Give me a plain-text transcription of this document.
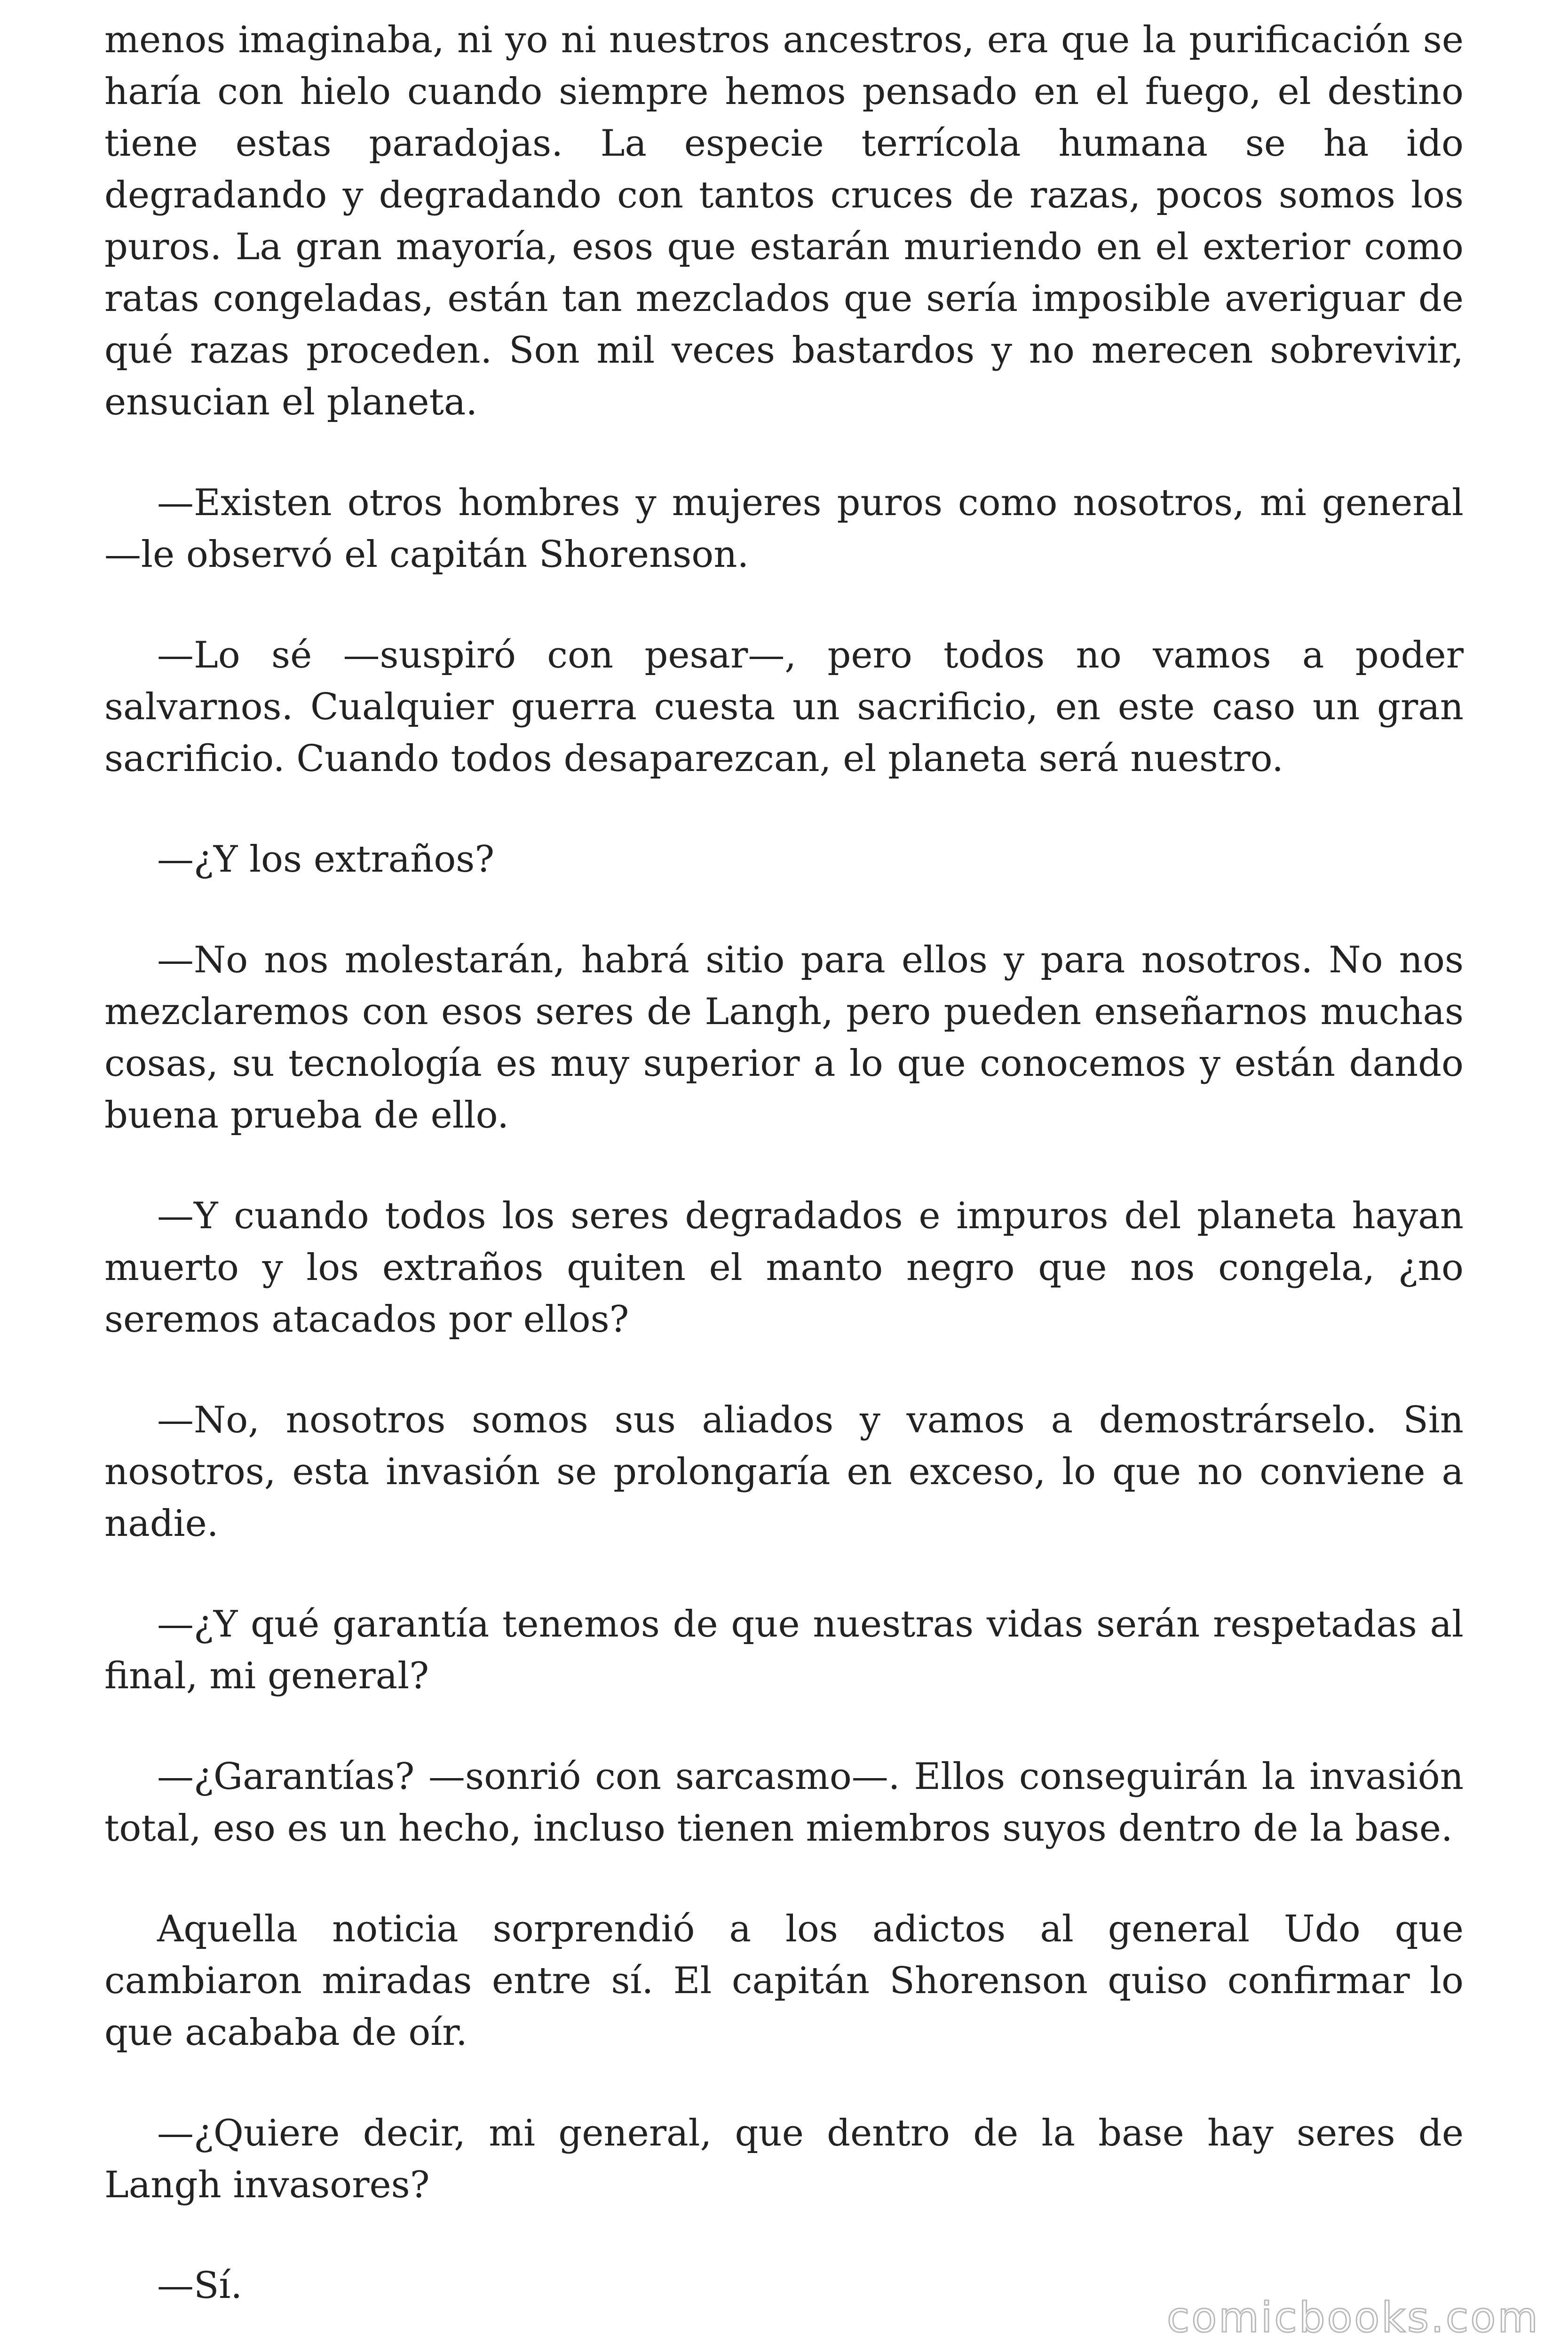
menos imaginaba, ni yo ni nuestros ancestros, era que la purificación se haría con hielo cuando siempre hemos pensado en el fuego, el destino tiene estas paradojas. La especie terrícola humana se ha ido degradando y degradando con tantos cruces de razas, pocos somos los puros. La gran mayoría, esos que estarán muriendo en el exterior como ratas congeladas, están tan mezclados que sería imposible averiguar de qué razas proceden. Son mil veces bastardos y no merecen sobrevivir, ensucian el planeta.

—Existen otros hombres y mujeres puros como nosotros, mi general —le observó el capitán Shorenson.

—Lo sé —suspiró con pesar—, pero todos no vamos a poder salvarnos. Cualquier guerra cuesta un sacrificio, en este caso un gran sacrificio. Cuando todos desaparezcan, el planeta será nuestro.

—¿Y los extraños?

—No nos molestarán, habrá sitio para ellos y para nosotros. No nos mezclaremos con esos seres de Langh, pero pueden enseñarnos muchas cosas, su tecnología es muy superior a lo que conocemos y están dando buena prueba de ello.

—Y cuando todos los seres degradados e impuros del planeta hayan muerto y los extraños quiten el manto negro que nos congela, ¿no seremos atacados por ellos?

—No, nosotros somos sus aliados y vamos a demostrárselo. Sin nosotros, esta invasión se prolongaría en exceso, lo que no conviene a nadie.

—¿Y qué garantía tenemos de que nuestras vidas serán respetadas al final, mi general?

—¿Garantías? —sonrió con sarcasmo—. Ellos conseguirán la invasión total, eso es un hecho, incluso tienen miembros suyos dentro de la base.

Aquella noticia sorprendió a los adictos al general Udo que cambiaron miradas entre sí. El capitán Shorenson quiso confirmar lo que acababa de oír.

—¿Quiere decir, mi general, que dentro de la base hay seres de Langh invasores?

—Sí.

comicbooks.com
